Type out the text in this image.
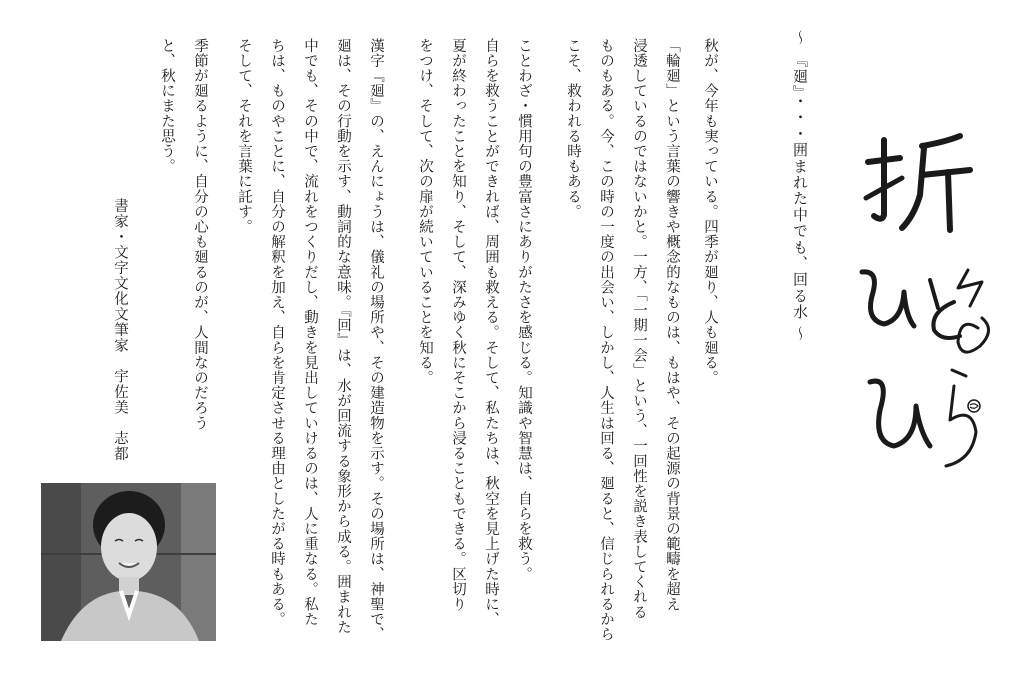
〜 『廻』・・・囲まれた中でも、回る水 〜
秋が、今年も実っている。四季が廻り、人も廻る。
「輪廻」という言葉の響きや概念的なものは、もはや、その起源の背景の範疇を超え
浸透しているのではないかと。一方、「一期一会」という、一回性を説き表してくれる
ものもある。今、この時の一度の出会い、しかし、人生は回る、廻ると、信じられるから
こそ、救われる時もある。
ことわざ・慣用句の豊富さにありがたさを感じる。知識や智慧は、自らを救う。
自らを救うことができれば、周囲も救える。そして、私たちは、秋空を見上げた時に、
夏が終わったことを知り、そして、深みゆく秋にそこから浸ることもできる。区切り
をつけ、そして、次の扉が続いていることを知る。
漢字『廻』の、えんにょうは、儀礼の場所や、その建造物を示す。その場所は、神聖で、
廻は、その行動を示す、動詞的な意味。『回』は、水が回流する象形から成る。囲まれた
中でも、その中で、流れをつくりだし、動きを見出していけるのは、人に重なる。私た
ちは、ものやことに、自分の解釈を加え、自らを肯定させる理由としたがる時もある。
そして、それを言葉に託す。
季節が廻るように、自分の心も廻るのが、人間なのだろう
と、秋にまた思う。
書家・文字文化文筆家　宇佐美　志都
